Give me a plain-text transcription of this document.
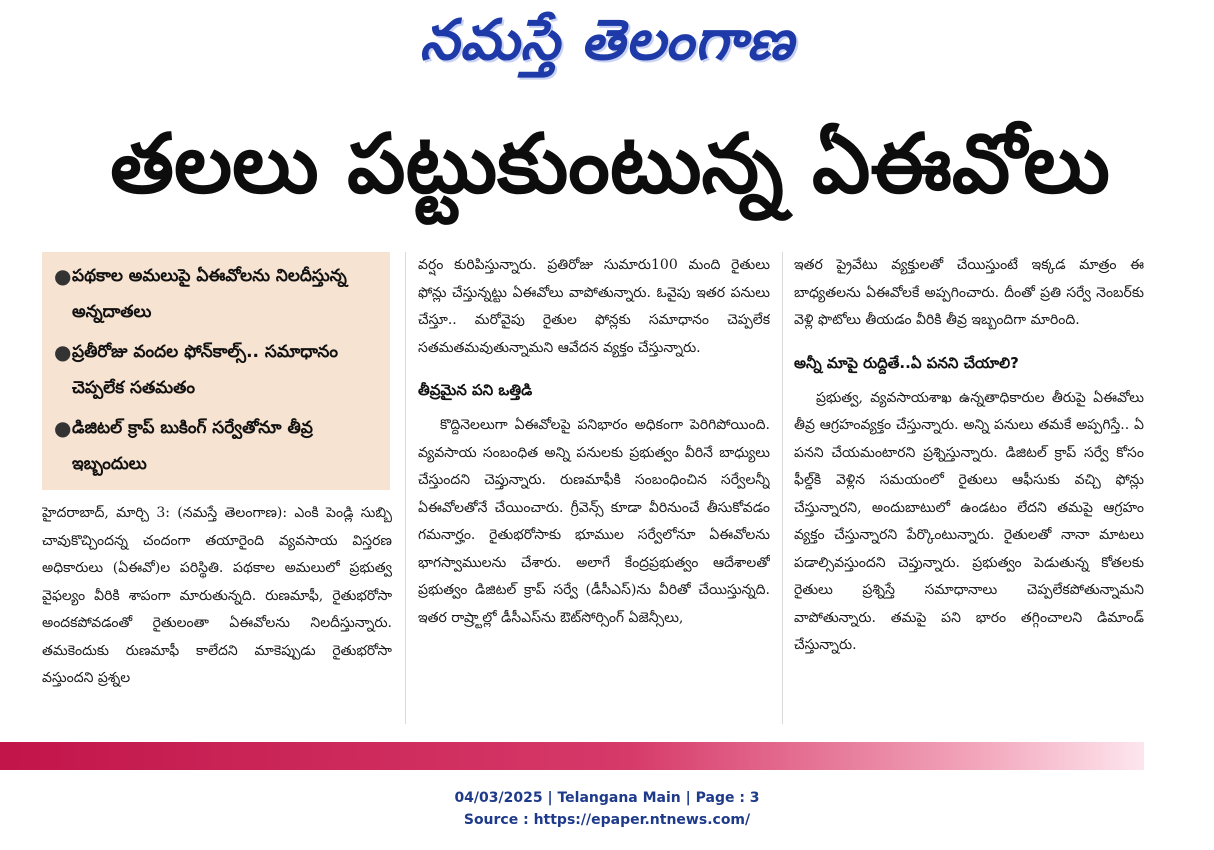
నమస్తే తెలంగాణ
తలలు పట్టుకుంటున్న ఏఈవోలు
● పథకాల అమలుపై ఏఈవోలను నిలదీస్తున్న అన్నదాతలు
● ప్రతీరోజు వందల ఫోన్‌కాల్స్‌.. సమాధానం చెప్పలేక సతమతం
● డిజిటల్‌ క్రాప్‌ బుకింగ్‌ సర్వేతోనూ తీవ్ర ఇబ్బందులు

హైదరాబాద్‌, మార్చి 3: (నమస్తే తెలంగాణ): ఎంకి పెండ్లి సుబ్బి చావుకొచ్చిందన్న చందంగా తయారైంది వ్యవసాయ విస్తరణ అధికారులు (ఏఈవో)ల పరిస్థితి. పథకాల అమలులో ప్రభుత్వ వైఫల్యం వీరికి శాపంగా మారుతున్నది. రుణమాఫీ, రైతుభరోసా అందకపోవడంతో రైతులంతా ఏఈవోలను నిలదీస్తున్నారు. తమకెందుకు రుణమాఫీ కాలేదని మాకెప్పుడు రైతుభరోసా వస్తుందని ప్రశ్నల

వర్షం కురిపిస్తున్నారు. ప్రతిరోజు సుమారు100 మంది రైతులు ఫోన్లు చేస్తున్నట్టు ఏఈవోలు వాపోతున్నారు. ఓవైపు ఇతర పనులు చేస్తూ.. మరోవైపు రైతుల ఫోన్లకు సమాధానం చెప్పలేక సతమతమవుతున్నామని ఆవేదన వ్యక్తం చేస్తున్నారు.

తీవ్రమైన పని ఒత్తిడి

కొద్దినెలలుగా ఏఈవోలపై పనిభారం అధికంగా పెరిగిపోయింది. వ్యవసాయ సంబంధిత అన్ని పనులకు ప్రభుత్వం వీరినే బాధ్యులు చేస్తుందని చెప్తున్నారు. రుణమాఫీకి సంబంధించిన సర్వేలన్నీ ఏఈవోలతోనే చేయించారు. గ్రీవెన్స్‌ కూడా వీరినుంచే తీసుకోవడం గమనార్హం. రైతుభరోసాకు భూముల సర్వేలోనూ ఏఈవోలను భాగస్వాములను చేశారు. అలాగే కేంద్రప్రభుత్వం ఆదేశాలతో ప్రభుత్వం డిజిటల్‌ క్రాప్‌ సర్వే (డీసీఎస్‌)ను వీరితో చేయిస్తున్నది. ఇతర రాష్ర్టాల్లో డీసీఎస్‌ను ఔట్‌సోర్సింగ్‌ ఏజెన్సీలు,

ఇతర ప్రైవేటు వ్యక్తులతో చేయిస్తుంటే ఇక్కడ మాత్రం ఈ బాధ్యతలను ఏఈవోలకే అప్పగించారు. దీంతో ప్రతి సర్వే నెంబర్‌కు వెళ్లి ఫొటోలు తీయడం వీరికి తీవ్ర ఇబ్బందిగా మారింది.

అన్నీ మాపై రుద్దితే..ఏ పనని చేయాలి?

ప్రభుత్వ, వ్యవసాయశాఖ ఉన్నతాధికారుల తీరుపై ఏఈవోలు తీవ్ర ఆగ్రహంవ్యక్తం చేస్తున్నారు. అన్ని పనులు తమకే అప్పగిస్తే.. ఏ పనని చేయమంటారని ప్రశ్నిస్తున్నారు. డిజిటల్‌ క్రాప్‌ సర్వే కోసం ఫీల్డ్‌కి వెళ్లిన సమయంలో రైతులు ఆఫీసుకు వచ్చి ఫోన్లు చేస్తున్నారని, అందుబాటులో ఉండటం లేదని తమపై ఆగ్రహం వ్యక్తం చేస్తున్నారని పేర్కొంటున్నారు. రైతులతో నానా మాటలు పడాల్సివస్తుందని చెప్తున్నారు. ప్రభుత్వం పెడుతున్న కోతలకు రైతులు ప్రశ్నిస్తే సమాధానాలు చెప్పలేకపోతున్నామని వాపోతున్నారు. తమపై పని భారం తగ్గించాలని డిమాండ్‌ చేస్తున్నారు.

04/03/2025 | Telangana Main | Page : 3
Source : https://epaper.ntnews.com/
